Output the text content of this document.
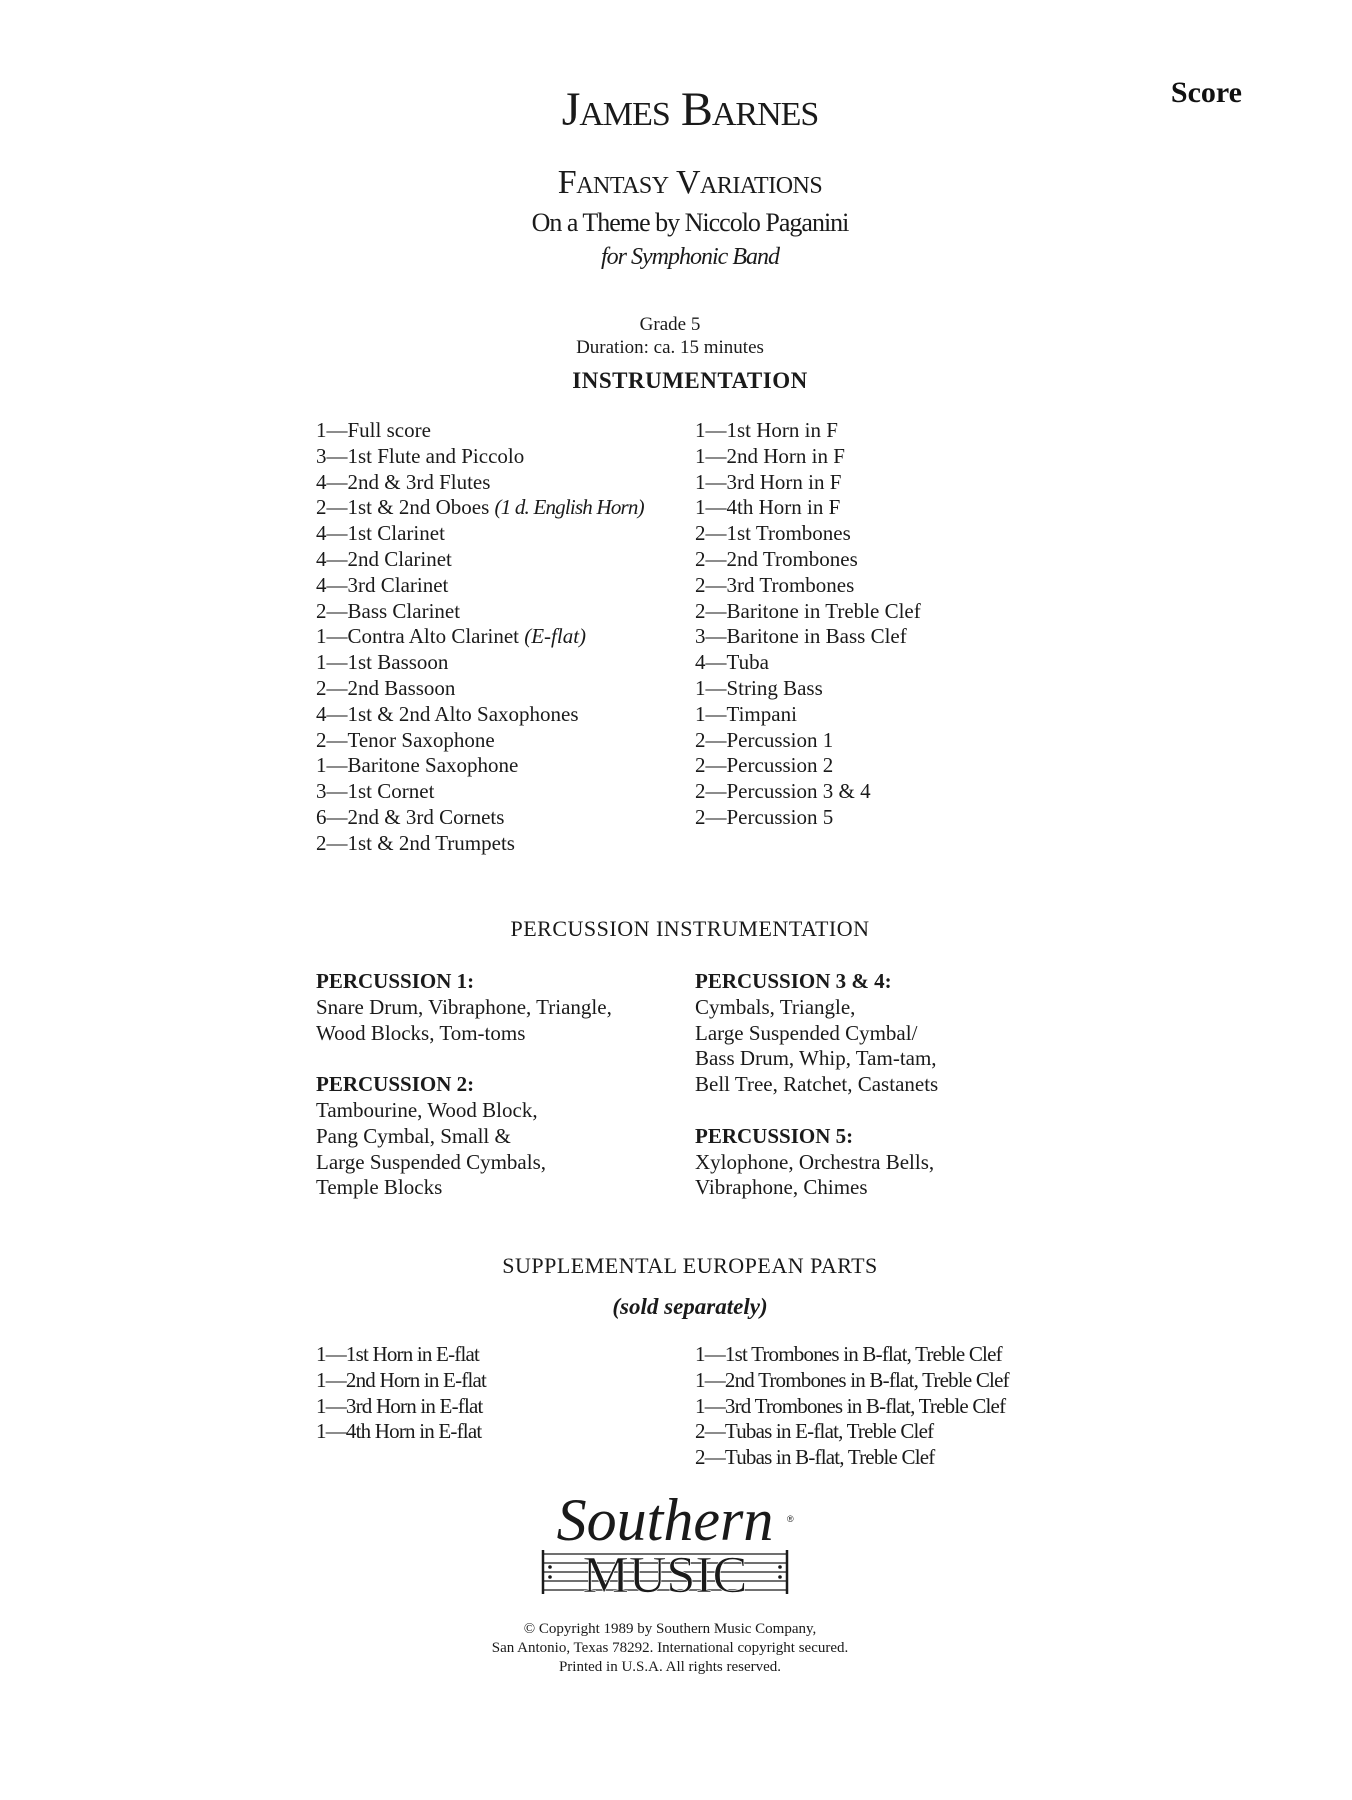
Score
James Barnes
Fantasy Variations
On a Theme by Niccolo Paganini
for Symphonic Band
Grade 5
Duration: ca. 15 minutes
INSTRUMENTATION
1—Full score
3—1st Flute and Piccolo
4—2nd & 3rd Flutes
2—1st & 2nd Oboes (1 d. English Horn)
4—1st Clarinet
4—2nd Clarinet
4—3rd Clarinet
2—Bass Clarinet
1—Contra Alto Clarinet (E-flat)
1—1st Bassoon
2—2nd Bassoon
4—1st & 2nd Alto Saxophones
2—Tenor Saxophone
1—Baritone Saxophone
3—1st Cornet
6—2nd & 3rd Cornets
2—1st & 2nd Trumpets
1—1st Horn in F
1—2nd Horn in F
1—3rd Horn in F
1—4th Horn in F
2—1st Trombones
2—2nd Trombones
2—3rd Trombones
2—Baritone in Treble Clef
3—Baritone in Bass Clef
4—Tuba
1—String Bass
1—Timpani
2—Percussion 1
2—Percussion 2
2—Percussion 3 & 4
2—Percussion 5
PERCUSSION INSTRUMENTATION
PERCUSSION 1:
Snare Drum, Vibraphone, Triangle,
Wood Blocks, Tom-toms
PERCUSSION 2:
Tambourine, Wood Block,
Pang Cymbal, Small &
Large Suspended Cymbals,
Temple Blocks
PERCUSSION 3 & 4:
Cymbals, Triangle,
Large Suspended Cymbal/
Bass Drum, Whip, Tam-tam,
Bell Tree, Ratchet, Castanets
PERCUSSION 5:
Xylophone, Orchestra Bells,
Vibraphone, Chimes
SUPPLEMENTAL EUROPEAN PARTS
(sold separately)
1—1st Horn in E-flat
1—2nd Horn in E-flat
1—3rd Horn in E-flat
1—4th Horn in E-flat
1—1st Trombones in B-flat, Treble Clef
1—2nd Trombones in B-flat, Treble Clef
1—3rd Trombones in B-flat, Treble Clef
2—Tubas in E-flat, Treble Clef
2—Tubas in B-flat, Treble Clef
Southern ®
MUSIC
© Copyright 1989 by Southern Music Company,
San Antonio, Texas 78292. International copyright secured.
Printed in U.S.A. All rights reserved.
